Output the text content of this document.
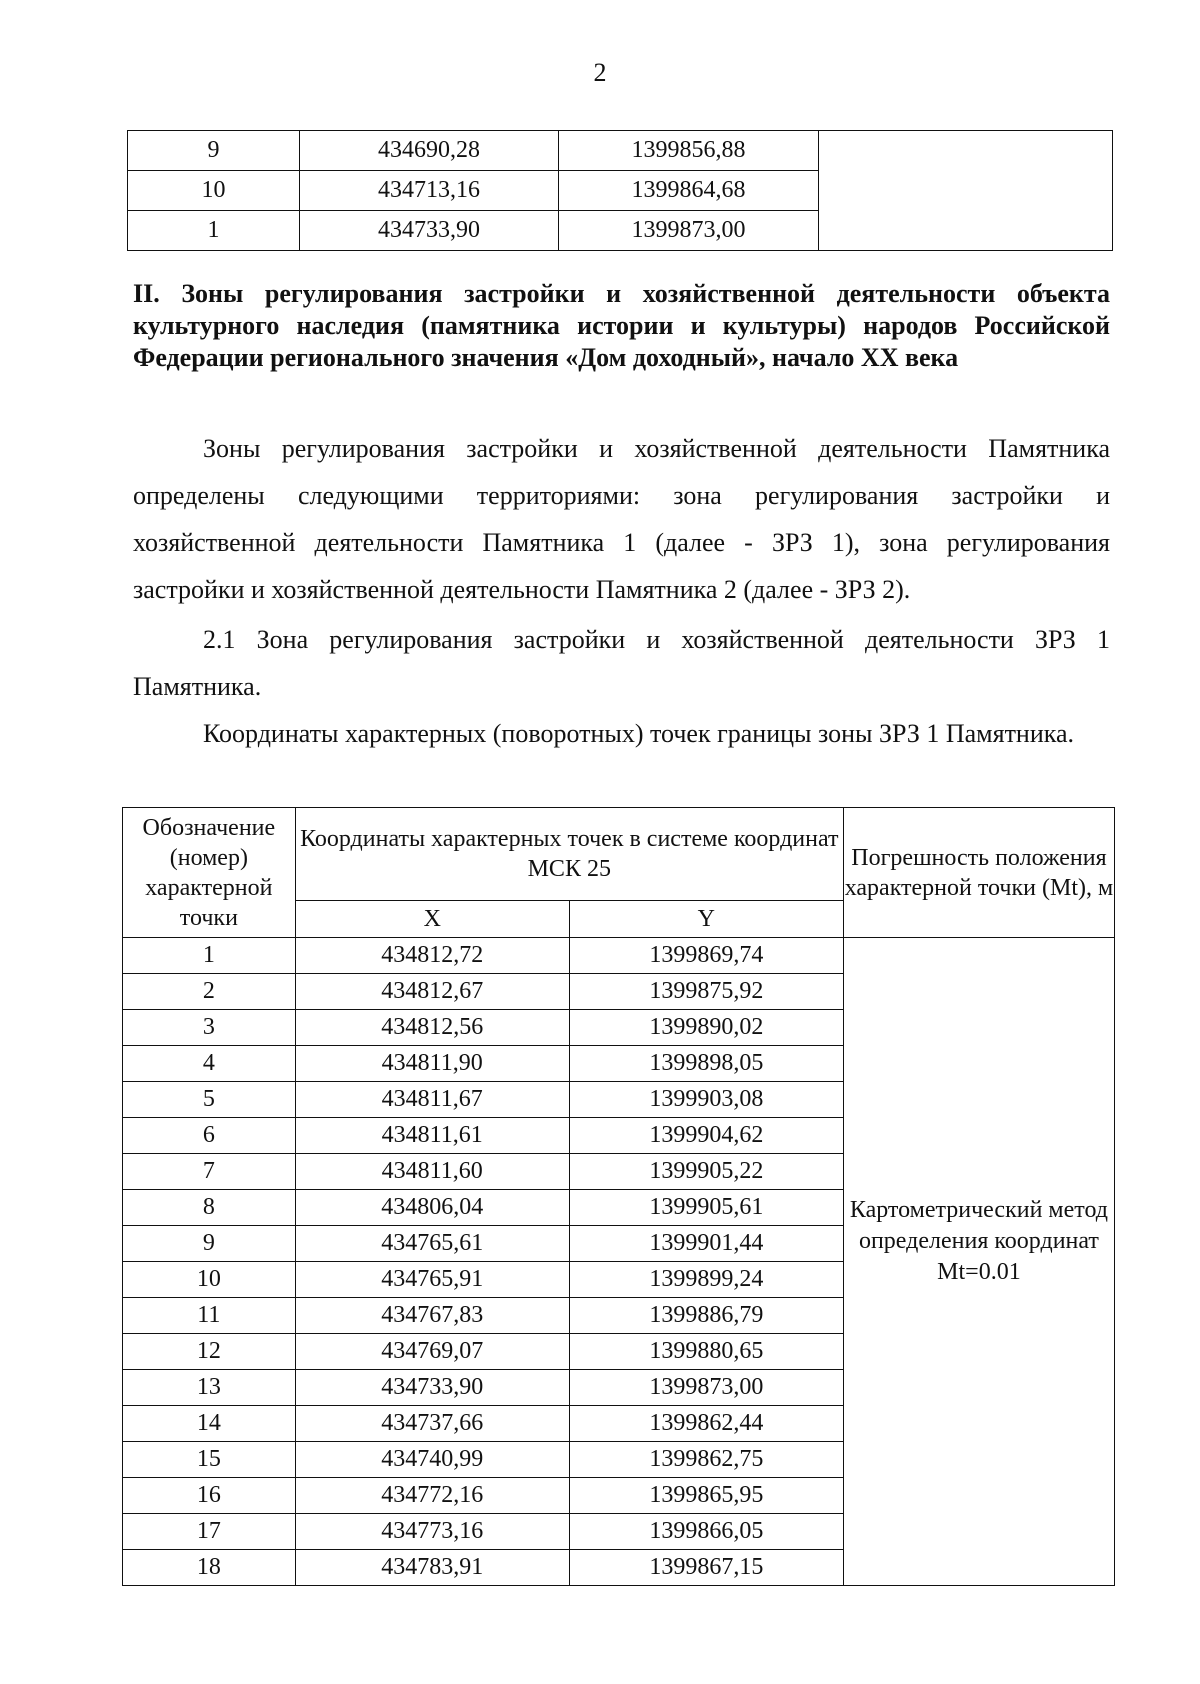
2
9	434690,28	1399856,88	
10	434713,16	1399864,68	
1	434733,90	1399873,00	
II. Зоны регулирования застройки и хозяйственной деятельности объекта культурного наследия (памятника истории и культуры) народов Российской Федерации регионального значения «Дом доходный», начало XX века

Зоны регулирования застройки и хозяйственной деятельности Памятника определены следующими территориями: зона регулирования застройки и хозяйственной деятельности Памятника 1 (далее - ЗРЗ 1), зона регулирования застройки и хозяйственной деятельности Памятника 2 (далее - ЗРЗ 2).

2.1 Зона регулирования застройки и хозяйственной деятельности ЗРЗ 1 Памятника.

Координаты характерных (поворотных) точек границы зоны ЗРЗ 1 Памятника.

Обозначение (номер) характерной точки	Координаты характерных точек в системе координат МСК 25		Погрешность положения характерной точки (Mt), м
	X	Y	
1	434812,72	1399869,74	Картометрический метод определения координат Mt=0.01
2	434812,67	1399875,92	
3	434812,56	1399890,02	
4	434811,90	1399898,05	
5	434811,67	1399903,08	
6	434811,61	1399904,62	
7	434811,60	1399905,22	
8	434806,04	1399905,61	
9	434765,61	1399901,44	
10	434765,91	1399899,24	
11	434767,83	1399886,79	
12	434769,07	1399880,65	
13	434733,90	1399873,00	
14	434737,66	1399862,44	
15	434740,99	1399862,75	
16	434772,16	1399865,95	
17	434773,16	1399866,05	
18	434783,91	1399867,15	
